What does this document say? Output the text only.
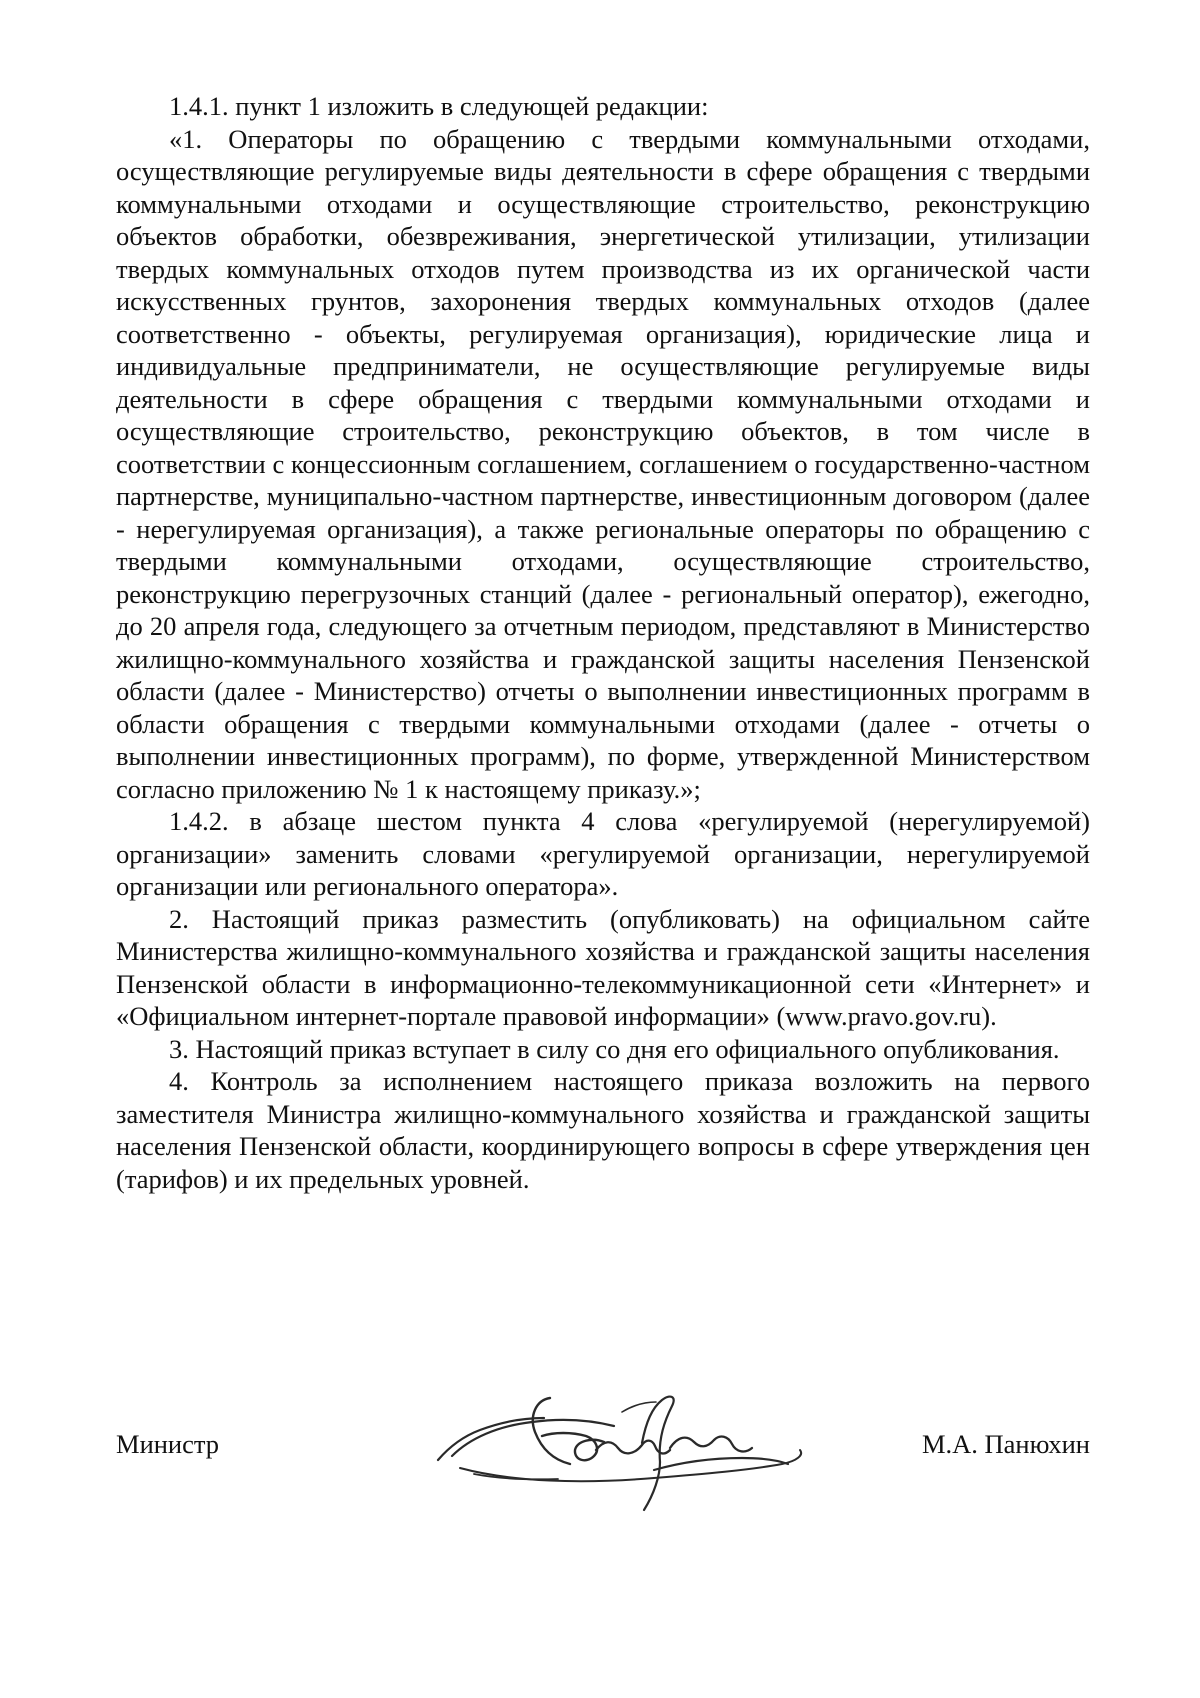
1.4.1. пункт 1 изложить в следующей редакции:

«1. Операторы по обращению с твердыми коммунальными отходами, осуществляющие регулируемые виды деятельности в сфере обращения с твердыми коммунальными отходами и осуществляющие строительство, реконструкцию объектов обработки, обезвреживания, энергетической утилизации, утилизации твердых коммунальных отходов путем производства из их органической части искусственных грунтов, захоронения твердых коммунальных отходов (далее соответственно - объекты, регулируемая организация), юридические лица и индивидуальные предприниматели, не осуществляющие регулируемые виды деятельности в сфере обращения с твердыми коммунальными отходами и осуществляющие строительство, реконструкцию объектов, в том числе в соответствии с концессионным соглашением, соглашением о государственно-частном партнерстве, муниципально-частном партнерстве, инвестиционным договором (далее - нерегулируемая организация), а также региональные операторы по обращению с твердыми коммунальными отходами, осуществляющие строительство, реконструкцию перегрузочных станций (далее - региональный оператор), ежегодно, до 20 апреля года, следующего за отчетным периодом, представляют в Министерство жилищно-коммунального хозяйства и гражданской защиты населения Пензенской области (далее - Министерство) отчеты о выполнении инвестиционных программ в области обращения с твердыми коммунальными отходами (далее - отчеты о выполнении инвестиционных программ), по форме, утвержденной Министерством согласно приложению № 1 к настоящему приказу.»;

1.4.2. в абзаце шестом пункта 4 слова «регулируемой (нерегулируемой) организации» заменить словами «регулируемой организации, нерегулируемой организации или регионального оператора».

2. Настоящий приказ разместить (опубликовать) на официальном сайте Министерства жилищно-коммунального хозяйства и гражданской защиты населения Пензенской области в информационно-телекоммуникационной сети «Интернет» и «Официальном интернет-портале правовой информации» (www.pravo.gov.ru).

3. Настоящий приказ вступает в силу со дня его официального опубликования.

4. Контроль за исполнением настоящего приказа возложить на первого заместителя Министра жилищно-коммунального хозяйства и гражданской защиты населения Пензенской области, координирующего вопросы в сфере утверждения цен (тарифов) и их предельных уровней.

Министр	М.А. Панюхин
